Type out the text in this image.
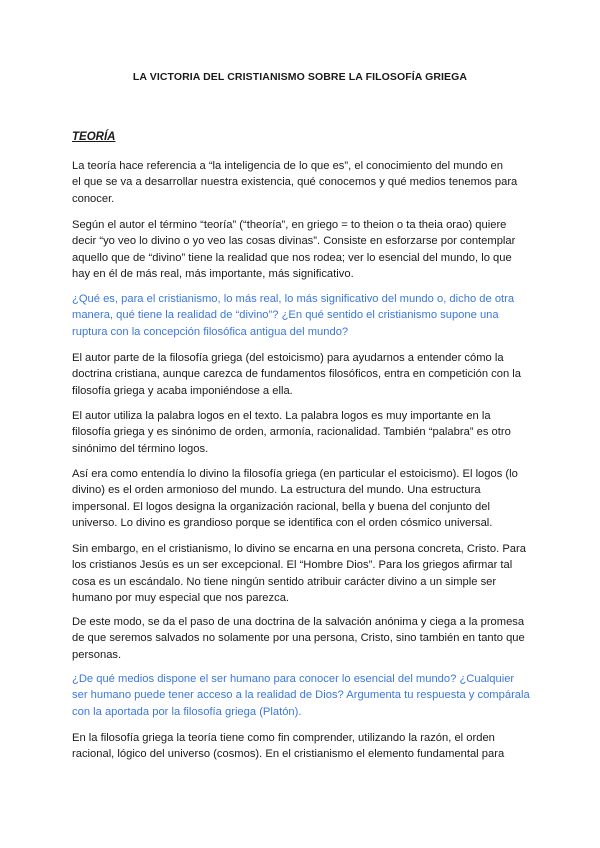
LA VICTORIA DEL CRISTIANISMO SOBRE LA FILOSOFÍA GRIEGA
TEORÍA

La teoría hace referencia a “la inteligencia de lo que es”, el conocimiento del mundo en
el que se va a desarrollar nuestra existencia, qué conocemos y qué medios tenemos para
conocer.

Según el autor el término “teoría” (“theoría”, en griego = to theion o ta theia orao) quiere
decir “yo veo lo divino o yo veo las cosas divinas”. Consiste en esforzarse por contemplar
aquello que de “divino” tiene la realidad que nos rodea; ver lo esencial del mundo, lo que
hay en él de más real, más importante, más significativo.

¿Qué es, para el cristianismo, lo más real, lo más significativo del mundo o, dicho de otra
manera, qué tiene la realidad de “divino”? ¿En qué sentido el cristianismo supone una
ruptura con la concepción filosófica antigua del mundo?

El autor parte de la filosofía griega (del estoicismo) para ayudarnos a entender cómo la
doctrina cristiana, aunque carezca de fundamentos filosóficos, entra en competición con la
filosofía griega y acaba imponiéndose a ella.

El autor utiliza la palabra logos en el texto. La palabra logos es muy importante en la
filosofía griega y es sinónimo de orden, armonía, racionalidad. También “palabra” es otro
sinónimo del término logos.

Así era como entendía lo divino la filosofía griega (en particular el estoicismo). El logos (lo
divino) es el orden armonioso del mundo. La estructura del mundo. Una estructura
impersonal. El logos designa la organización racional, bella y buena del conjunto del
universo. Lo divino es grandioso porque se identifica con el orden cósmico universal.

Sin embargo, en el cristianismo, lo divino se encarna en una persona concreta, Cristo. Para
los cristianos Jesús es un ser excepcional. El “Hombre Dios”. Para los griegos afirmar tal
cosa es un escándalo. No tiene ningún sentido atribuir carácter divino a un simple ser
humano por muy especial que nos parezca.

De este modo, se da el paso de una doctrina de la salvación anónima y ciega a la promesa
de que seremos salvados no solamente por una persona, Cristo, sino también en tanto que
personas.

¿De qué medios dispone el ser humano para conocer lo esencial del mundo? ¿Cualquier
ser humano puede tener acceso a la realidad de Dios? Argumenta tu respuesta y compárala
con la aportada por la filosofía griega (Platón).

En la filosofía griega la teoría tiene como fin comprender, utilizando la razón, el orden
racional, lógico del universo (cosmos). En el cristianismo el elemento fundamental para
